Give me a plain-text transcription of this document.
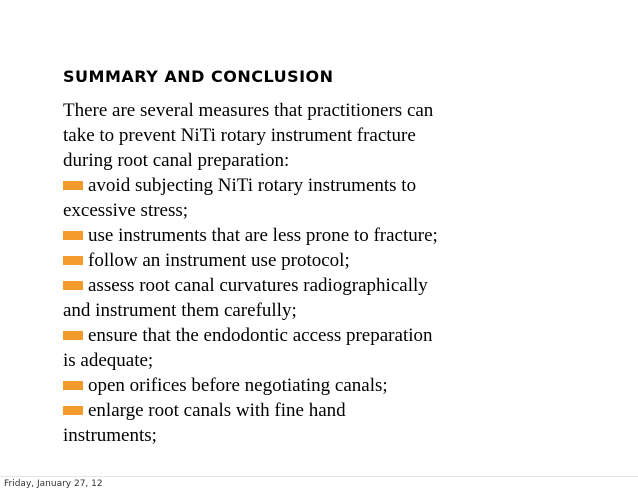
SUMMARY AND CONCLUSION
There are several measures that practitioners can
take to prevent NiTi rotary instrument fracture
during root canal preparation:
avoid subjecting NiTi rotary instruments to
excessive stress;
use instruments that are less prone to fracture;
follow an instrument use protocol;
assess root canal curvatures radiographically
and instrument them carefully;
ensure that the endodontic access preparation
is adequate;
open orifices before negotiating canals;
enlarge root canals with fine hand
instruments;
Friday, January 27, 12
